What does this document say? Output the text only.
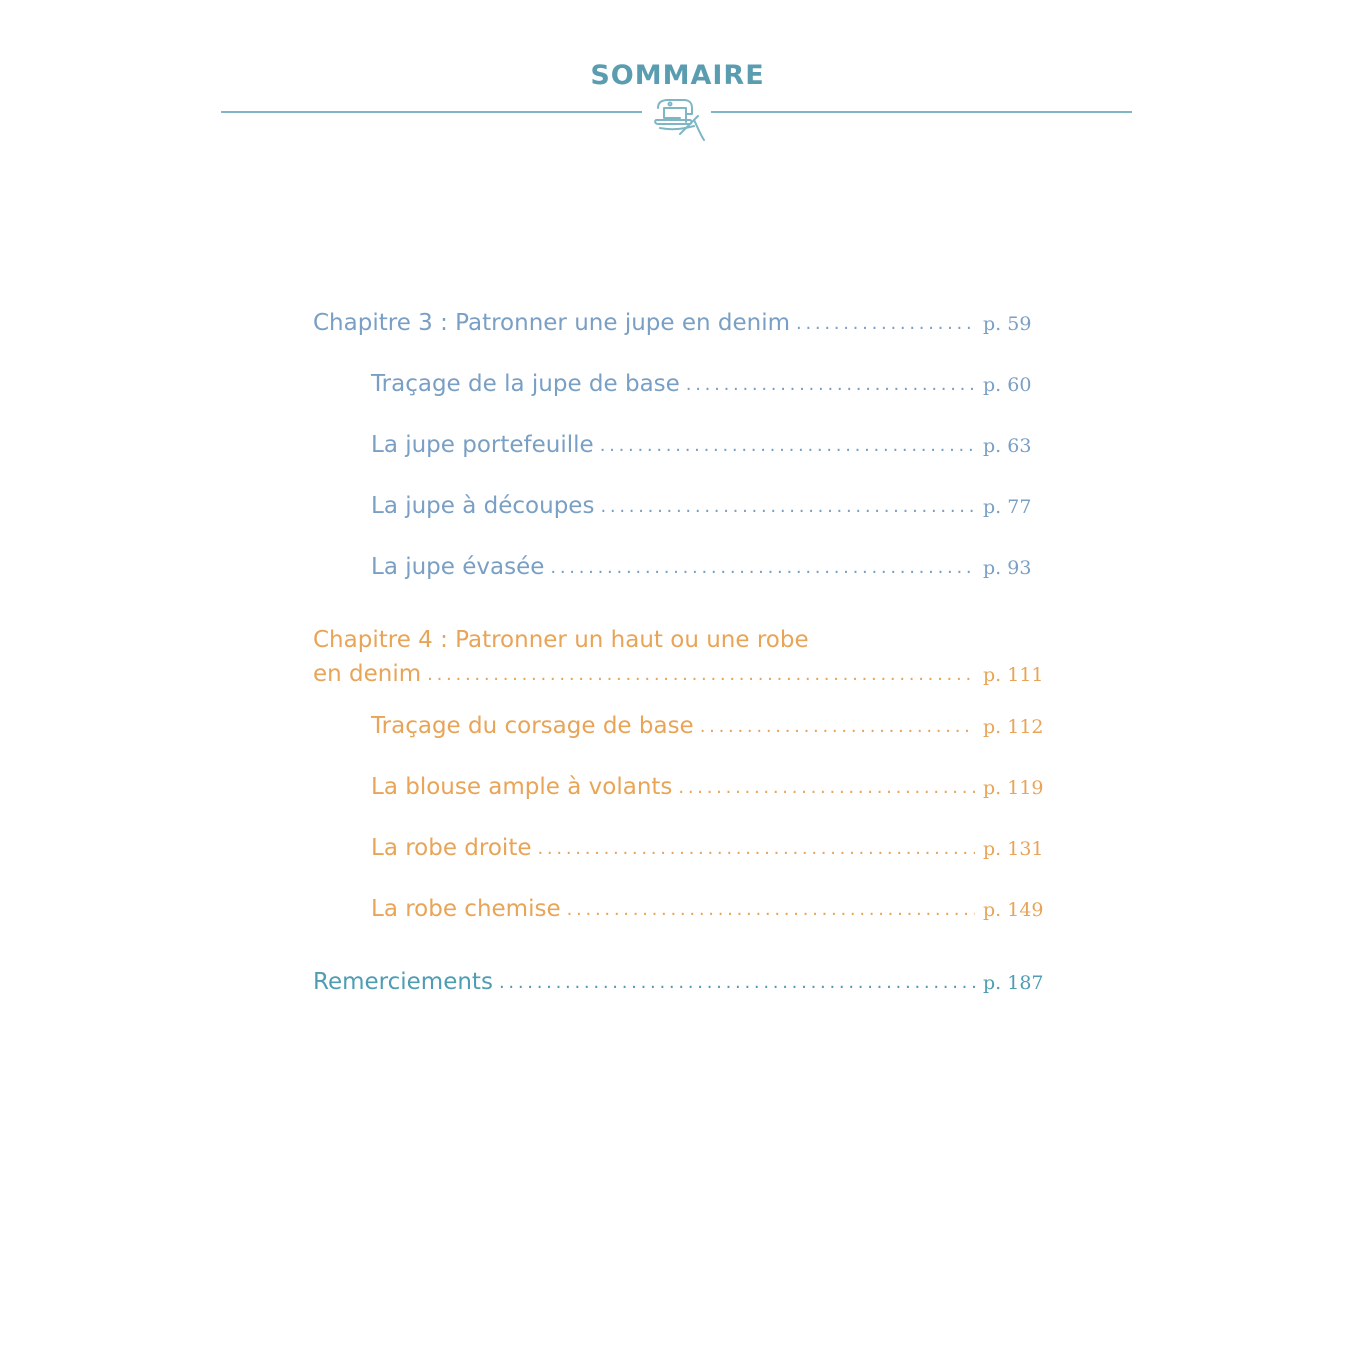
SOMMAIRE
Chapitre 3 : Patronner une jupe en denim . . .	p. 59
Traçage de la jupe de base . . .	p. 60
La jupe portefeuille . . .	p. 63
La jupe à découpes . . .	p. 77
La jupe évasée . . .	p. 93
Chapitre 4 : Patronner un haut ou une robe
en denim . . .	p. 111
Traçage du corsage de base . . .	p. 112
La blouse ample à volants . . .	p. 119
La robe droite . . .	p. 131
La robe chemise . . .	p. 149
Remerciements . . .	p. 187
